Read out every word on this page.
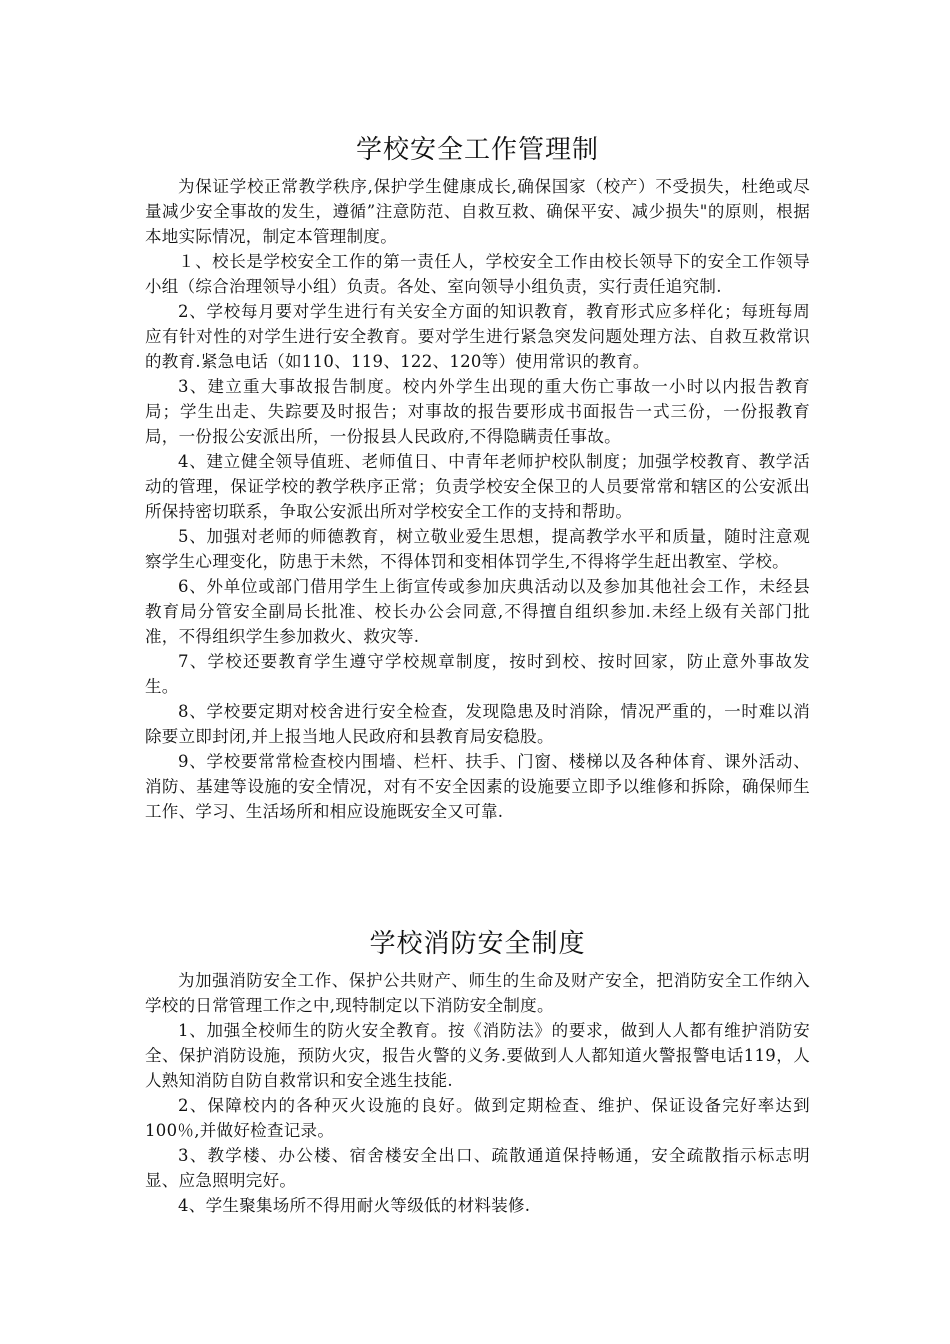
学校安全工作管理制

为保证学校正常教学秩序,保护学生健康成长,确保国家（校产）不受损失，杜绝或尽量减少安全事故的发生，遵循”注意防范、自救互救、确保平安、减少损失"的原则，根据本地实际情况，制定本管理制度。

１、校长是学校安全工作的第一责任人，学校安全工作由校长领导下的安全工作领导小组（综合治理领导小组）负责。各处、室向领导小组负责，实行责任追究制.

2、学校每月要对学生进行有关安全方面的知识教育，教育形式应多样化；每班每周应有针对性的对学生进行安全教育。要对学生进行紧急突发问题处理方法、自救互救常识的教育.紧急电话（如110、119、122、120等）使用常识的教育。

3、建立重大事故报告制度。校内外学生出现的重大伤亡事故一小时以内报告教育局；学生出走、失踪要及时报告；对事故的报告要形成书面报告一式三份，一份报教育局，一份报公安派出所，一份报县人民政府,不得隐瞒责任事故。

4、建立健全领导值班、老师值日、中青年老师护校队制度；加强学校教育、教学活动的管理，保证学校的教学秩序正常；负责学校安全保卫的人员要常常和辖区的公安派出所保持密切联系，争取公安派出所对学校安全工作的支持和帮助。

5、加强对老师的师德教育，树立敬业爱生思想，提高教学水平和质量，随时注意观察学生心理变化，防患于未然，不得体罚和变相体罚学生,不得将学生赶出教室、学校。

6、外单位或部门借用学生上街宣传或参加庆典活动以及参加其他社会工作，未经县教育局分管安全副局长批准、校长办公会同意,不得擅自组织参加.未经上级有关部门批准，不得组织学生参加救火、救灾等.

7、学校还要教育学生遵守学校规章制度，按时到校、按时回家，防止意外事故发生。

8、学校要定期对校舍进行安全检查，发现隐患及时消除，情况严重的，一时难以消除要立即封闭,并上报当地人民政府和县教育局安稳股。

9、学校要常常检查校内围墙、栏杆、扶手、门窗、楼梯以及各种体育、课外活动、消防、基建等设施的安全情况，对有不安全因素的设施要立即予以维修和拆除，确保师生工作、学习、生活场所和相应设施既安全又可靠.

学校消防安全制度

为加强消防安全工作、保护公共财产、师生的生命及财产安全，把消防安全工作纳入学校的日常管理工作之中,现特制定以下消防安全制度。

1、加强全校师生的防火安全教育。按《消防法》的要求，做到人人都有维护消防安全、保护消防设施，预防火灾，报告火警的义务.要做到人人都知道火警报警电话119，人人熟知消防自防自救常识和安全逃生技能.

2、保障校内的各种灭火设施的良好。做到定期检查、维护、保证设备完好率达到100％,并做好检查记录。

3、教学楼、办公楼、宿舍楼安全出口、疏散通道保持畅通，安全疏散指示标志明显、应急照明完好。

4、学生聚集场所不得用耐火等级低的材料装修.
